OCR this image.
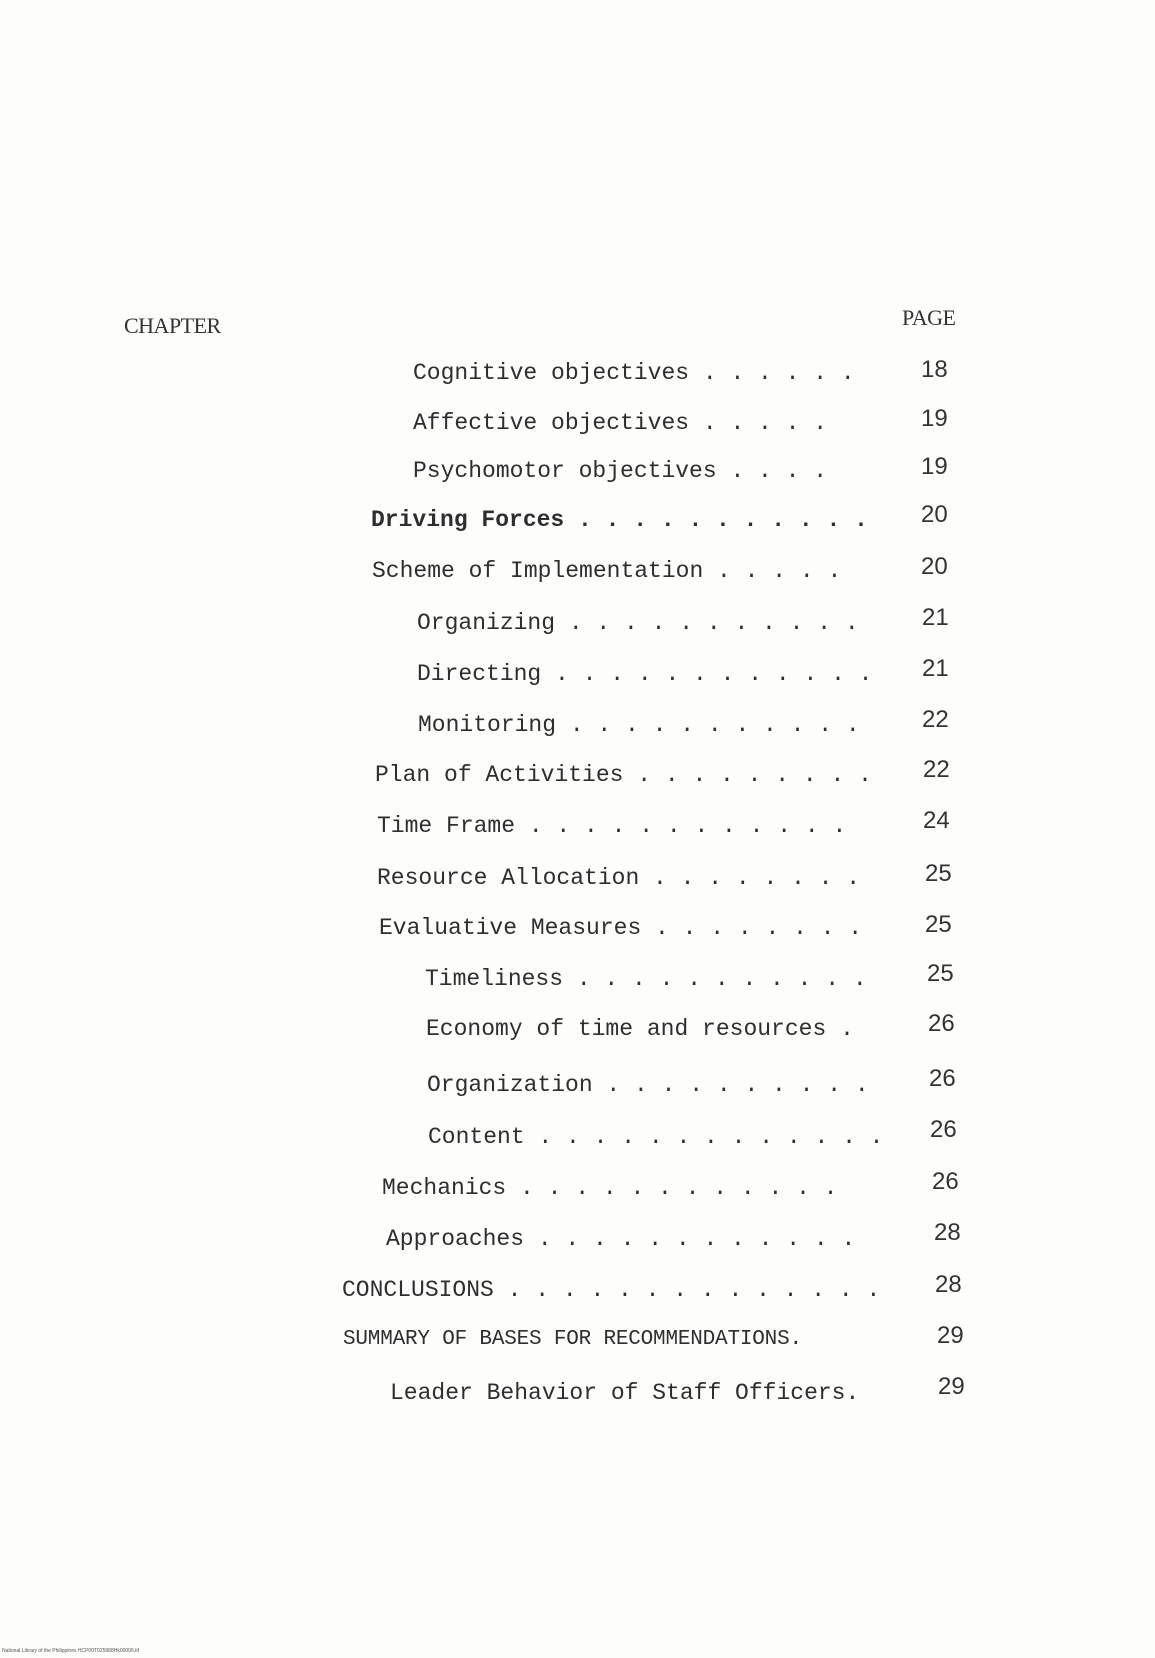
CHAPTER	PAGE
Cognitive objectives . . . . . .	18
Affective objectives . . . . .	19
Psychomotor objectives . . . .	19
Driving Forces . . . . . . . . . . . 20
Scheme of Implementation . . . . .	20
Organizing . . . . . . . . . . .	21
Directing . . . . . . . . . . . . 21
Monitoring . . . . . . . . . . .	22
Plan of Activities . . . . . . . . . 22
Time Frame . . . . . . . . . . . .	24
Resource Allocation . . . . . . . .	25
Evaluative Measures . . . . . . . .	25
Timeliness . . . . . . . . . . .	25
Economy of time and resources .	26
Organization . . . . . . . . . .	26
Content . . . . . . . . . . . . . 26
Mechanics . . . . . . . . . . . .	26
Approaches . . . . . . . . . . . .	28
CONCLUSIONS . . . . . . . . . . . . . . 28
SUMMARY OF BASES FOR RECOMMENDATIONS.	29
Leader Behavior of Staff Officers.	29
National Library of the Philippines HCP00T025988Hk00006.tif
